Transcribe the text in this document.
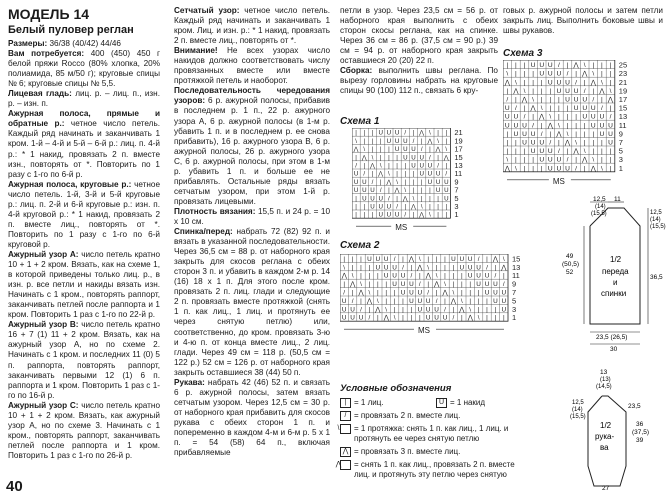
МОДЕЛЬ 14
Белый пуловер реглан

Размеры: 36/38 (40/42) 44/46

Вам потребуется: 400 (450) 450 г белой пряжи Rocco (80% хлопка, 20% полиамида, 85 м/50 г); круговые спицы № 6; круговые спицы № 5,5.

Лицевая гладь: лиц. р. – лиц. п., изн. р. – изн. п.

Ажурная полоса, прямые и обратные р.: четное число петель. Каждый ряд начинать и заканчивать 1 кром. 1-й – 4-й и 5-й – 6-й р.: лиц. п. 4-й р.: * 1 накид, провязать 2 п. вместе изн., повторять от *. Повторить по 1 разу с 1-го по 6-й р.

Ажурная полоса, круговые р.: четное число петель. 1-й, 3-й и 5-й круговые р.: лиц. п. 2-й и 6-й круговые р.: изн. п. 4-й круговой р.: * 1 накид, провязать 2 п. вместе лиц., повторять от *. Повторить по 1 разу с 1-го по 6-й круговой р.

Ажурный узор А: число петель кратно 10 + 1 + 2 кром. Вязать, как на схеме 1, в которой приведены только лиц. р., в изн. р. все петли и накиды вязать изн. Начинать с 1 кром., повторять раппорт, заканчивать петлей после раппорта и 1 кром. Повторить 1 раз с 1-го по 22-й р.

Ажурный узор В: число петель кратно 16 + 7 (1) 11 + 2 кром. Вязать, как на ажурный узор А, но по схеме 2. Начинать с 1 кром. и последних 11 (0) 5 п. раппорта, повторять раппорт, заканчивать первыми 12 (1) 6 п. раппорта и 1 кром. Повторить 1 раз с 1-го по 16-й р.

Ажурный узор С: число петель кратно 10 + 1 + 2 кром. Вязать, как ажурный узор А, но по схеме 3. Начинать с 1 кром., повторять раппорт, заканчивать петлей после раппорта и 1 кром. Повторить 1 раз с 1-го по 26-й р.

Сетчатый узор: четное число петель. Каждый ряд начинать и заканчивать 1 кром. Лиц. и изн. р.: * 1 накид, провязать 2 п. вместе лиц., повторять от *.

Внимание! Не всех узорах число накидов должно соответствовать числу провязанных вместе или вместе протяжкой петель и наоборот.

Последовательность чередования узоров: 6 р. ажурной полосы, прибавив в последнем р. 1 п., 22 р. ажурного узора А, 6 р. ажурной полосы (в 1-м р. убавить 1 п. и в последнем р. ее снова прибавить), 16 р. ажурного узора В, 6 р. ажурной полосы, 26 р. ажурного узора С, 6 р. ажурной полосы, при этом в 1-м р. убавить 1 п. и больше ее не прибавлять. Остальные ряды вязать сетчатым узором, при этом 1-й р. провязать лицевыми.

Плотность вязания: 15,5 п. и 24 р. = 10 х 10 см.

Спинка/перед: набрать 72 (82) 92 п. и вязать в указанной последовательности. Через 36,5 см = 88 р. от наборного края закрыть для скосов реглана с обеих сторон 3 п. и убавить в каждом 2-м р. 14 (16) 18 х 1 п. Для этого после кром. провязать 2 п. лиц. глади и следующие 2 п. провязать вместе протяжкой (снять 1 п. как лиц., 1 лиц. и протянуть ее через снятую петлю) или, соответственно, до кром. провязать 3-ю и 4-ю п. от конца вместе лиц., 2 лиц. глади. Через 49 см = 118 р. (50,5 см = 122 р.) 52 см = 126 р. от наборного края закрыть оставшиеся 38 (44) 50 п.

Рукава: набрать 42 (46) 52 п. и связать 6 р. ажурной полосы, затем вязать сетчатым узором. Через 12,5 см = 30 р. от наборного края прибавить для скосов рукава с обеих сторон 1 п. и попеременно в каждом 4-м и 6-м р. 5 х 1 п. = 54 (58) 64 п., включая прибавляемые

петли в узор. Через 23,5 см = 56 р. от наборного края выполнить с обеих сторон скосы реглана, как на спинке. Через 36 см = 86 р. (37,5 см = 90 р.) 39 см = 94 р. от наборного края закрыть оставшиеся 20 (20) 22 п.

Сборка: выполнить швы реглана. По вырезу горловины набрать на круговые спицы 90 (100) 112 п., связать 6 кру-

говых р. ажурной полосы и затем петли закрыть лиц. Выполнить боковые швы и швы рукавов.

40
Схема 1
Схема 2
Схема 3
| | | U U U / | ⋀ \ | |
\ | | | U U U / | ⋀ \ |
⋀ \ | | | U U U / | ⋀ \
| ⋀ \ | | | U U U / | ⋀
/ | ⋀ \ | | | U U U / |
U / | ⋀ \ | | | U U U /
U U / | ⋀ \ | | | U U U
U U U / | ⋀ \ | | | U U
| U U U / | ⋀ \ | | | U
| | U U U / | ⋀ \ | | |
| | | U U U / | ⋀ \ | |
21
19
17
15
13
11
9
7
5
3
1
MS
| | | U U U / | ⋀ \ | | | U U U / | ⋀ \
\ | | | U U U / | ⋀ \ | | | U U U / | ⋀
⋀ \ | | | U U U / | ⋀ \ | | | U U U / |
| ⋀ \ | | | U U U / | ⋀ \ | | | U U U /
/ | ⋀ \ | | | U U U / | ⋀ \ | | | U U U
U / | ⋀ \ | | | U U U / | ⋀ \ | | | U U
U U / | ⋀ \ | | | U U U / | ⋀ \ | | | U
U U U / | ⋀ \ | | | U U U / | ⋀ \ | | |
15
13
11
9
7
5
3
1
MS
| | | U U U / | ⋀ \ | | |
\ | | | U U U / | ⋀ \ | |
⋀ \ | | | U U U / | ⋀ \ |
| ⋀ \ | | | U U U / | ⋀ \
/ | ⋀ \ | | | U U U / | ⋀
U / | ⋀ \ | | | U U U / |
U U / | ⋀ \ | | | U U U /
U U U / | ⋀ \ | | | U U U
| U U U / | ⋀ \ | | | U U
| | U U U / | ⋀ \ | | | U
| | | U U U / | ⋀ \ | | |
\ | | | U U U / | ⋀ \ | |
⋀ \ | | | U U U / | ⋀ \ |
25
23
21
19
17
15
13
11
9
7
5
3
1
MS
Условные обозначения
| = 1 лиц.	U = 1 накид
/ = провязать 2 п. вместе лиц.
\ = 1 протяжка: снять 1 п. как лиц., 1 лиц. и протянуть ее через снятую петлю
⋀ = провязать 3 п. вместе лиц.
⋀ = снять 1 п. как лиц., провязать 2 п. вместе лиц. и протянуть эту петлю через снятую
12,5
(14)
(15,5)
11
12,5
(14)
(15,5)
36,5
49
(50,5)
52
1/2
переда
и
спинки
23,5 (26,5)
30
13
(13)
(14,5)
1/2
рука-
ва
12,5
(14)
(15,5)
23,5
36
(37,5)
39
27
